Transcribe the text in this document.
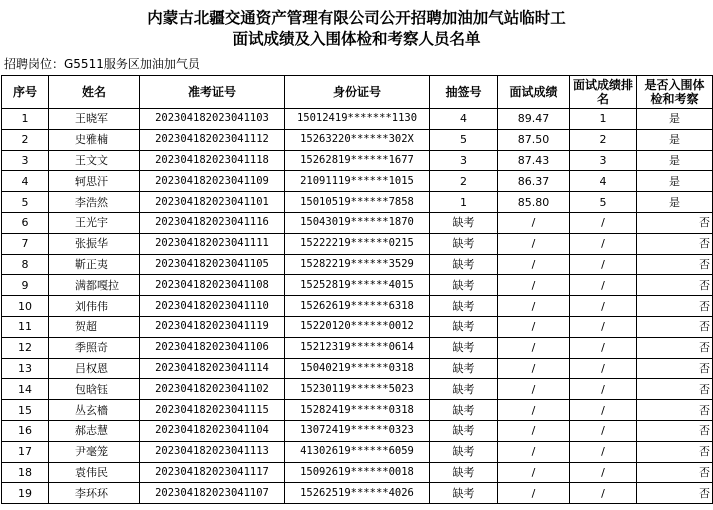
内蒙古北疆交通资产管理有限公司公开招聘加油加气站临时工
面试成绩及入围体检和考察人员名单
招聘岗位：G5511服务区加油加气员
序号	姓名	准考证号	身份证号	抽签号	面试成绩	面试成绩排名	是否入围体检和考察
1	王晓军	202304182023041103	15012419*******1130	4	89.47	1	是
2	史雅楠	202304182023041112	15263220******302X	5	87.50	2	是
3	王文文	202304182023041118	15262819******1677	3	87.43	3	是
4	轲思汗	202304182023041109	21091119******1015	2	86.37	4	是
5	李浩然	202304182023041101	15010519******7858	1	85.80	5	是
6	王光宇	202304182023041116	15043019******1870	缺考	/	/	否
7	张振华	202304182023041111	15222219******0215	缺考	/	/	否
8	靳正夷	202304182023041105	15282219******3529	缺考	/	/	否
9	满都嘎拉	202304182023041108	15252819******4015	缺考	/	/	否
10	刘伟伟	202304182023041110	15262619******6318	缺考	/	/	否
11	贺超	202304182023041119	15220120******0012	缺考	/	/	否
12	季照奇	202304182023041106	15212319******0614	缺考	/	/	否
13	吕权恩	202304182023041114	15040219******0318	缺考	/	/	否
14	包晗钰	202304182023041102	15230119******5023	缺考	/	/	否
15	丛玄檣	202304182023041115	15282419******0318	缺考	/	/	否
16	郝志慧	202304182023041104	13072419******0323	缺考	/	/	否
17	尹毫笼	202304182023041113	41302619******6059	缺考	/	/	否
18	袁伟民	202304182023041117	15092619******0018	缺考	/	/	否
19	李环环	202304182023041107	15262519******4026	缺考	/	/	否
